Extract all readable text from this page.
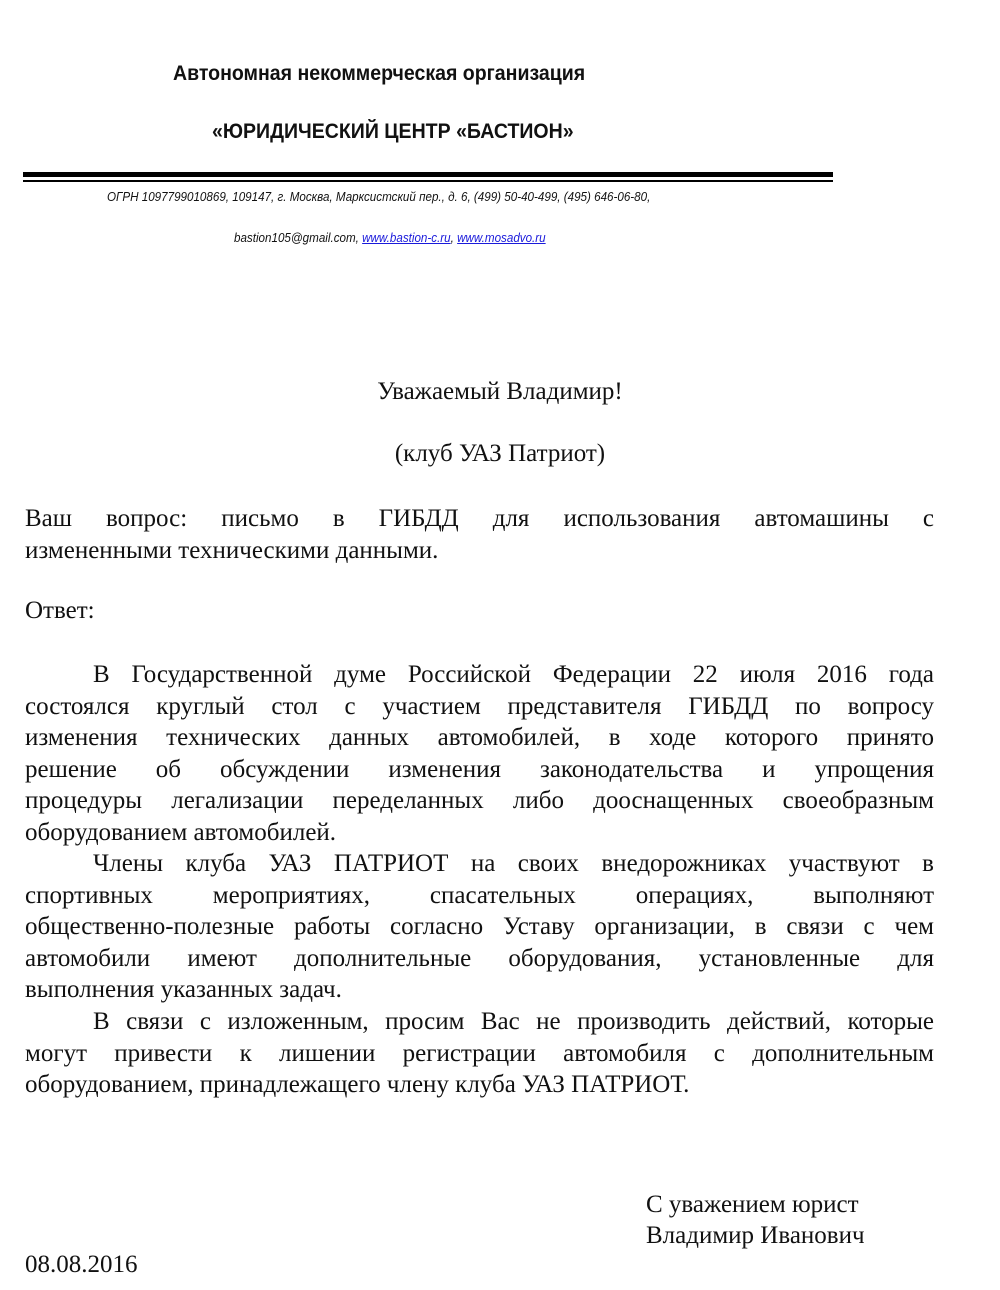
Автономная некоммерческая организация
«ЮРИДИЧЕСКИЙ ЦЕНТР «БАСТИОН»
ОГРН 1097799010869, 109147, г. Москва, Марксистский пер., д. 6, (499) 50-40-499, (495) 646-06-80,
bastion105@gmail.com, www.bastion-c.ru, www.mosadvo.ru
Уважаемый Владимир!
(клуб УАЗ Патриот)
Ваш вопрос: письмо в ГИБДД для использования автомашины с
измененными техническими данными.
Ответ:
В Государственной думе Российской Федерации 22 июля 2016 года
состоялся круглый стол с участием представителя ГИБДД по вопросу
изменения технических данных автомобилей, в ходе которого принято
решение об обсуждении изменения законодательства и упрощения
процедуры легализации переделанных либо дооснащенных своеобразным
оборудованием автомобилей.
Члены клуба УАЗ ПАТРИОТ на своих внедорожниках участвуют в
спортивных мероприятиях, спасательных операциях, выполняют
общественно-полезные работы согласно Уставу организации, в связи с чем
автомобили имеют дополнительные оборудования, установленные для
выполнения указанных задач.
В связи с изложенным, просим Вас не производить действий, которые
могут привести к лишении регистрации автомобиля с дополнительным
оборудованием, принадлежащего члену клуба УАЗ ПАТРИОТ.
С уважением юрист
Владимир Иванович
08.08.2016
